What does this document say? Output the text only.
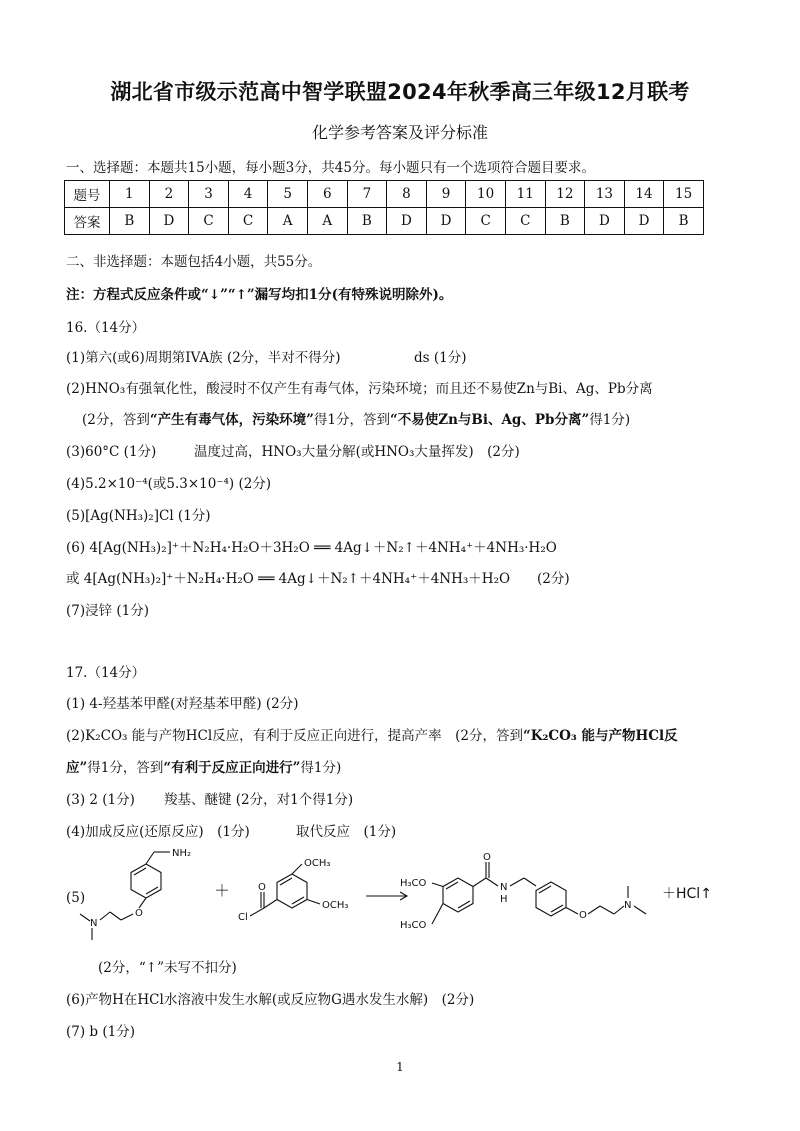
湖北省市级示范高中智学联盟2024年秋季高三年级12月联考
化学参考答案及评分标准
一、选择题：本题共15小题，每小题3分，共45分。每小题只有一个选项符合题目要求。
题号	1	2	3	4	5	6	7	8	9	10	11	12	13	14	15
答案	B	D	C	C	A	A	B	D	D	C	C	B	D	D	B
二、非选择题：本题包括4小题，共55分。
注：方程式反应条件或“↓”“↑”漏写均扣1分(有特殊说明除外)。
16.（14分）
(1)第六(或6)周期第IVA族 (2分，半对不得分)	ds (1分)
(2)HNO₃有强氧化性，酸浸时不仅产生有毒气体，污染环境；而且还不易使Zn与Bi、Ag、Pb分离
(2分，答到“产生有毒气体，污染环境”得1分，答到“不易使Zn与Bi、Ag、Pb分离”得1分)
(3)60°C (1分)	温度过高，HNO₃大量分解(或HNO₃大量挥发)　(2分)
(4)5.2×10⁻⁴(或5.3×10⁻⁴) (2分)
(5)[Ag(NH₃)₂]Cl (1分)
(6) 4[Ag(NH₃)₂]⁺＋N₂H₄·H₂O＋3H₂O ══ 4Ag↓＋N₂↑＋4NH₄⁺＋4NH₃·H₂O
或 4[Ag(NH₃)₂]⁺＋N₂H₄·H₂O ══ 4Ag↓＋N₂↑＋4NH₄⁺＋4NH₃＋H₂O　　(2分)
(7)浸锌 (1分)
17.（14分）
(1) 4-羟基苯甲醛(对羟基苯甲醛) (2分)
(2)K₂CO₃ 能与产物HCl反应，有利于反应正向进行，提高产率　(2分，答到“K₂CO₃ 能与产物HCl反
应”得1分，答到“有利于反应正向进行”得1分)
(3) 2 (1分) 羧基、醚键 (2分，对1个得1分)
(4)加成反应(还原反应)　(1分)	取代反应　(1分)
(5)
NH₂
O
N
＋	O
Cl
OCH₃
OCH₃
H₃CO
H₃CO
O
N
H
O
N
＋HCl↑
(2分，“↑”未写不扣分)
(6)产物H在HCl水溶液中发生水解(或反应物G遇水发生水解)　(2分)
(7) b (1分)
1
